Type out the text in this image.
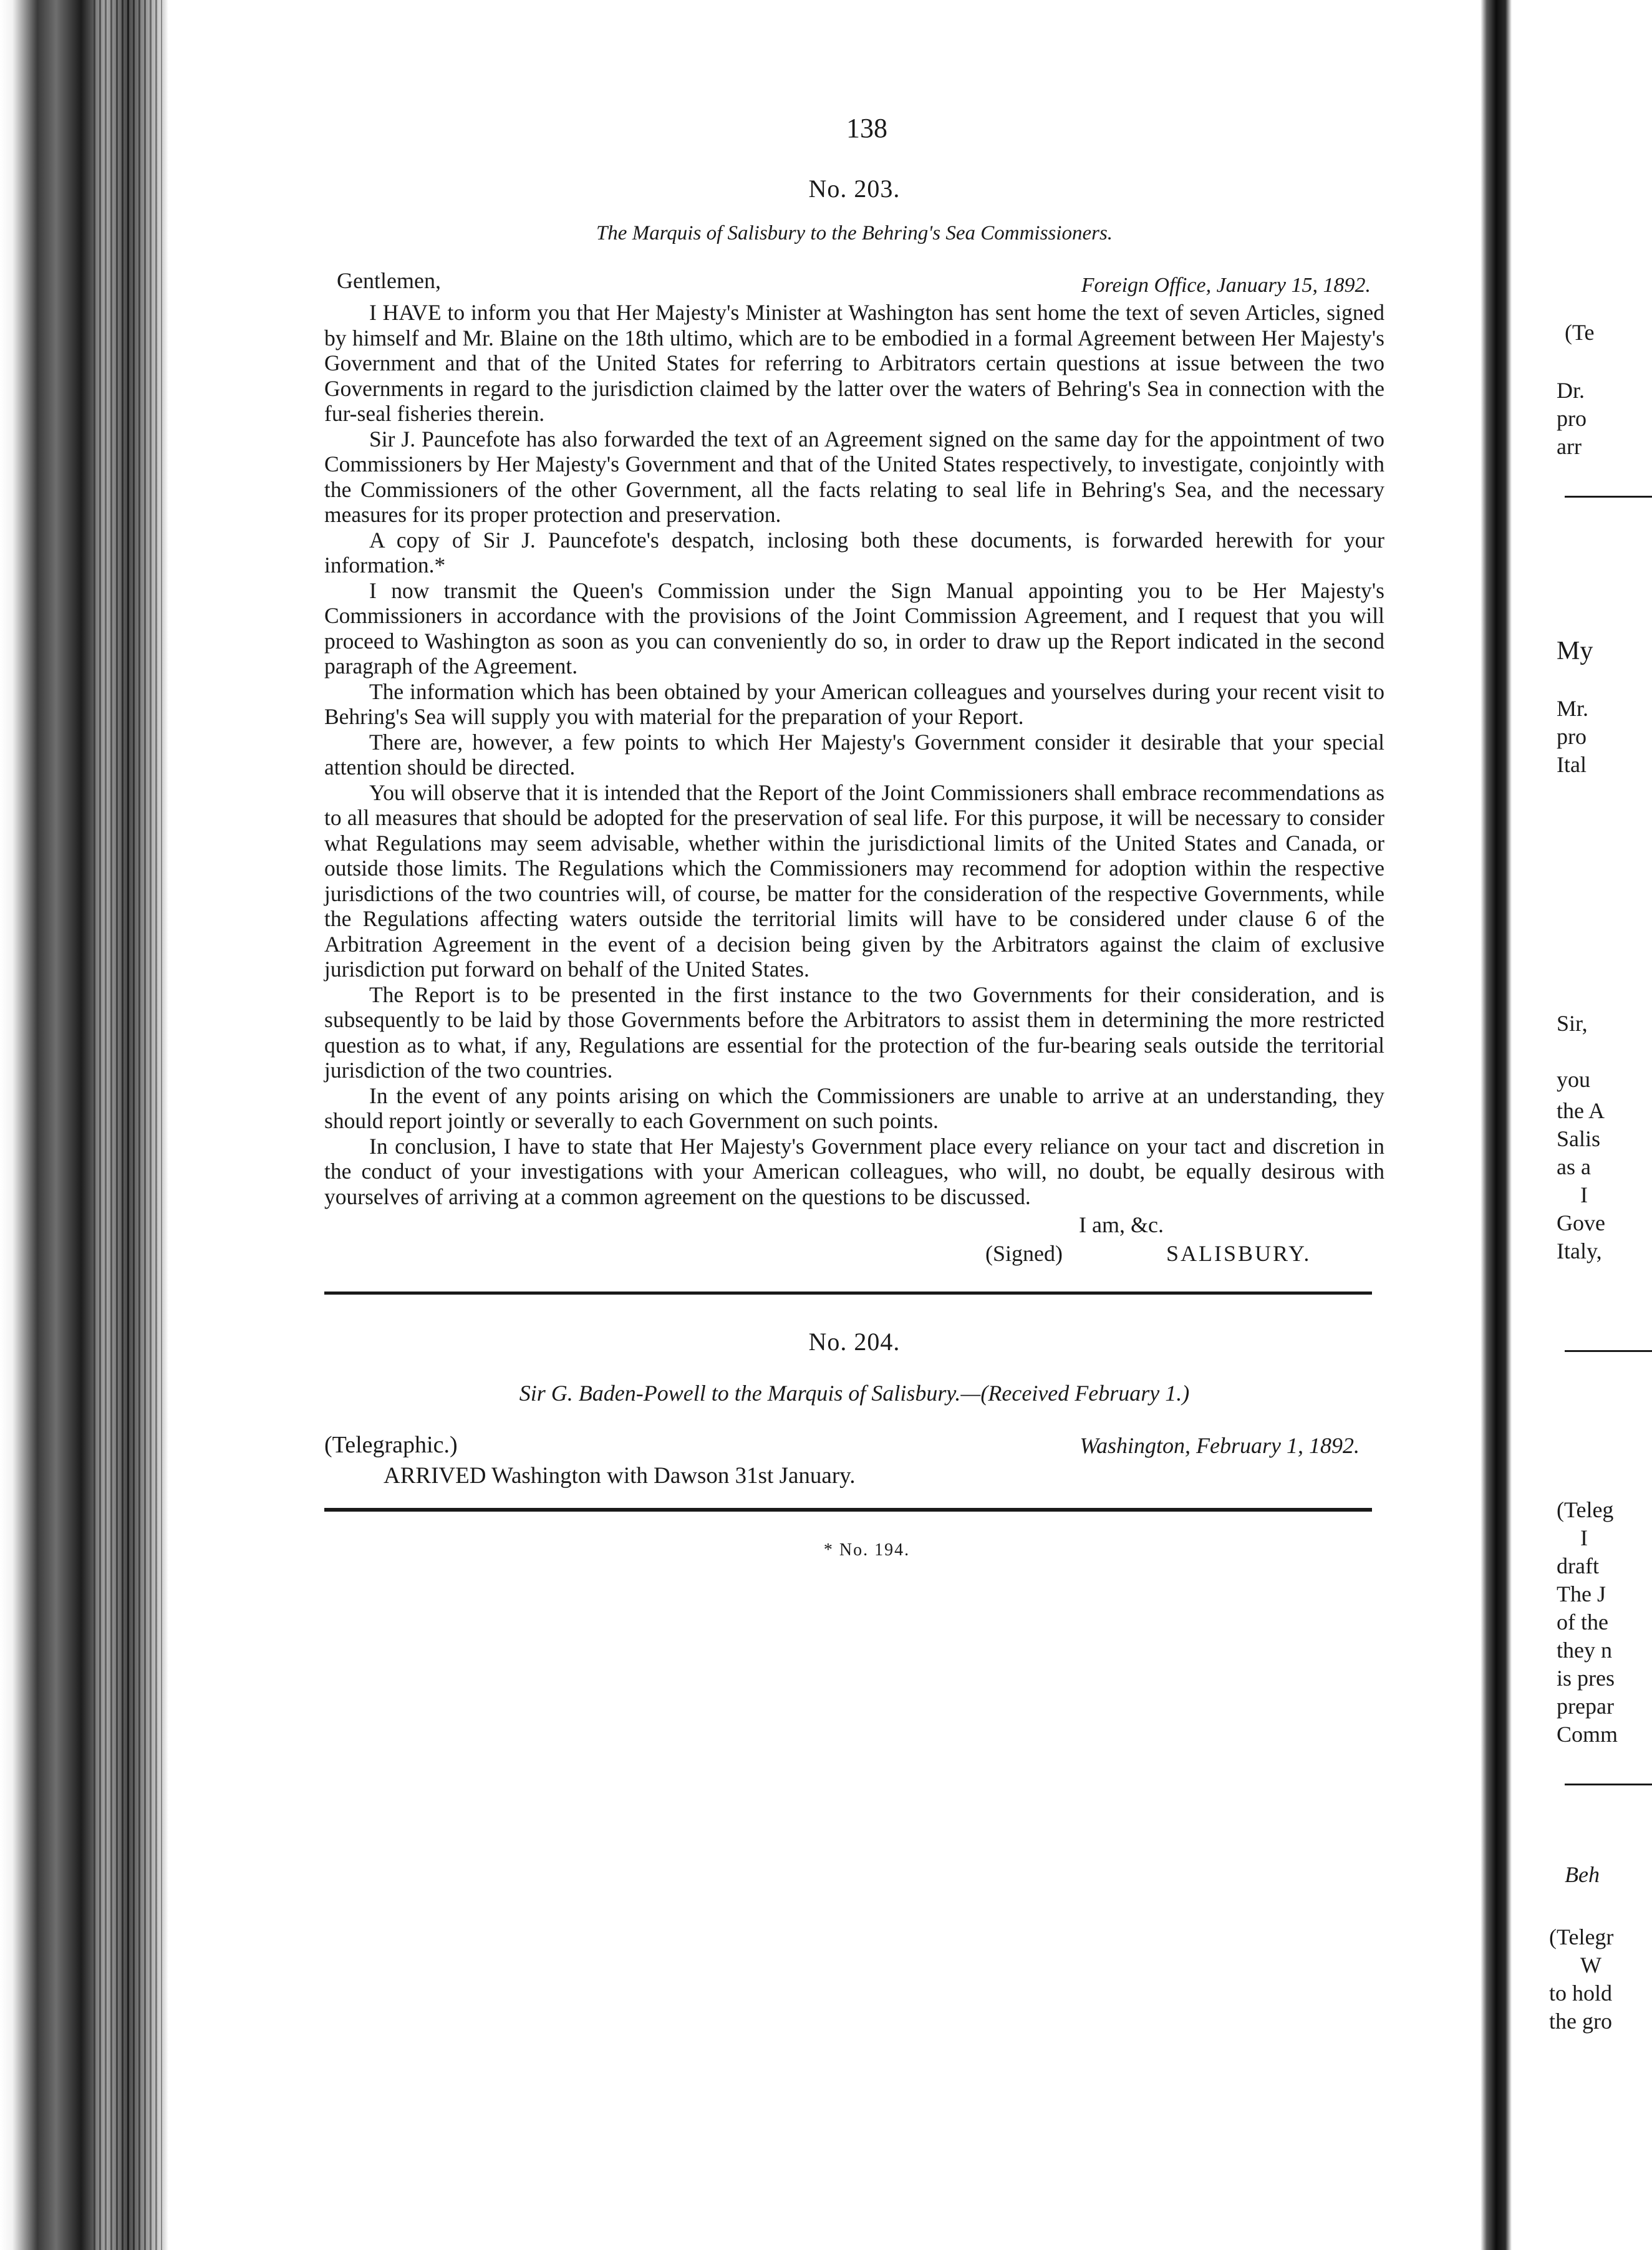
138
No. 203.
The Marquis of Salisbury to the Behring's Sea Commissioners.
Gentlemen,	Foreign Office, January 15, 1892.

I HAVE to inform you that Her Majesty's Minister at Washington has sent home the text of seven Articles, signed by himself and Mr. Blaine on the 18th ultimo, which are to be embodied in a formal Agreement between Her Majesty's Government and that of the United States for referring to Arbitrators certain questions at issue between the two Governments in regard to the jurisdiction claimed by the latter over the waters of Behring's Sea in connection with the fur-seal fisheries therein.

Sir J. Pauncefote has also forwarded the text of an Agreement signed on the same day for the appointment of two Commissioners by Her Majesty's Government and that of the United States respectively, to investigate, conjointly with the Commissioners of the other Government, all the facts relating to seal life in Behring's Sea, and the necessary measures for its proper protection and preservation.

A copy of Sir J. Pauncefote's despatch, inclosing both these documents, is forwarded herewith for your information.*

I now transmit the Queen's Commission under the Sign Manual appointing you to be Her Majesty's Commissioners in accordance with the provisions of the Joint Commission Agreement, and I request that you will proceed to Washington as soon as you can conveniently do so, in order to draw up the Report indicated in the second paragraph of the Agreement.

The information which has been obtained by your American colleagues and yourselves during your recent visit to Behring's Sea will supply you with material for the preparation of your Report.

There are, however, a few points to which Her Majesty's Government consider it desirable that your special attention should be directed.

You will observe that it is intended that the Report of the Joint Commissioners shall embrace recommendations as to all measures that should be adopted for the preservation of seal life. For this purpose, it will be necessary to consider what Regulations may seem advisable, whether within the jurisdictional limits of the United States and Canada, or outside those limits. The Regulations which the Commissioners may recommend for adoption within the respective jurisdictions of the two countries will, of course, be matter for the consideration of the respective Governments, while the Regulations affecting waters outside the territorial limits will have to be considered under clause 6 of the Arbitration Agreement in the event of a decision being given by the Arbitrators against the claim of exclusive jurisdiction put forward on behalf of the United States.

The Report is to be presented in the first instance to the two Governments for their consideration, and is subsequently to be laid by those Governments before the Arbitrators to assist them in determining the more restricted question as to what, if any, Regulations are essential for the protection of the fur-bearing seals outside the territorial jurisdiction of the two countries.

In the event of any points arising on which the Commissioners are unable to arrive at an understanding, they should report jointly or severally to each Government on such points.

In conclusion, I have to state that Her Majesty's Government place every reliance on your tact and discretion in the conduct of your investigations with your American colleagues, who will, no doubt, be equally desirous with yourselves of arriving at a common agreement on the questions to be discussed.

I am, &c.
(Signed)	SALISBURY.
No. 204.
Sir G. Baden-Powell to the Marquis of Salisbury.—(Received February 1.)
(Telegraphic.)	Washington, February 1, 1892.
ARRIVED Washington with Dawson 31st January.
* No. 194.
(Te
Dr.
pro
arr
My
Mr.
pro
Ital
Sir,
you
the A
Salis
as a
I
Gove
Italy,
(Teleg
I
draft
The J
of the
they n
is pres
prepar
Comm
Beh
(Telegr
W
to hold
the gro
